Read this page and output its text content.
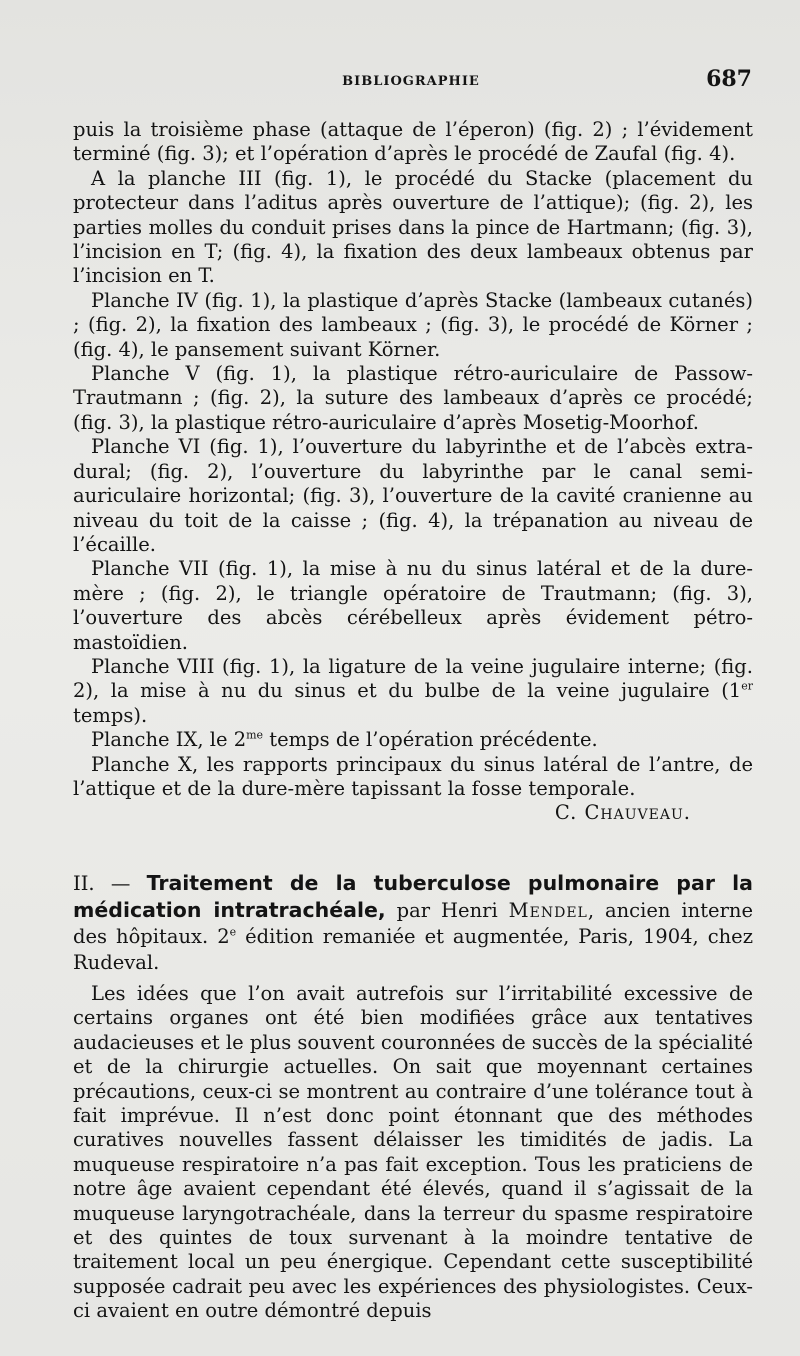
BIBLIOGRAPHIE	687

puis la troisième phase (attaque de l’éperon) (fig. 2) ; l’évidement terminé (fig. 3); et l’opération d’après le procédé de Zaufal (fig. 4).

A la planche III (fig. 1), le procédé du Stacke (placement du protecteur dans l’aditus après ouverture de l’attique); (fig. 2), les parties molles du conduit prises dans la pince de Hartmann; (fig. 3), l’incision en T; (fig. 4), la fixation des deux lambeaux obtenus par l’incision en T.

Planche IV (fig. 1), la plastique d’après Stacke (lambeaux cutanés) ; (fig. 2), la fixation des lambeaux ; (fig. 3), le procédé de Körner ; (fig. 4), le pansement suivant Körner.

Planche V (fig. 1), la plastique rétro-auriculaire de Passow-Trautmann ; (fig. 2), la suture des lambeaux d’après ce procédé; (fig. 3), la plastique rétro-auriculaire d’après Mosetig-Moorhof.

Planche VI (fig. 1), l’ouverture du labyrinthe et de l’abcès extra-dural; (fig. 2), l’ouverture du labyrinthe par le canal semi-auriculaire horizontal; (fig. 3), l’ouverture de la cavité cranienne au niveau du toit de la caisse ; (fig. 4), la trépanation au niveau de l’écaille.

Planche VII (fig. 1), la mise à nu du sinus latéral et de la dure-mère ; (fig. 2), le triangle opératoire de Trautmann; (fig. 3), l’ouverture des abcès cérébelleux après évidement pétro-mastoïdien.

Planche VIII (fig. 1), la ligature de la veine jugulaire interne; (fig. 2), la mise à nu du sinus et du bulbe de la veine jugulaire (1er temps).

Planche IX, le $2^{me}$ temps de l’opération précédente.

Planche X, les rapports principaux du sinus latéral de l’antre, de l’attique et de la dure-mère tapissant la fosse temporale.

C. Chauveau.

II. — Traitement de la tuberculose pulmonaire par la médication intratrachéale, par Henri Mendel, ancien interne des hôpitaux. 2e édition remaniée et augmentée, Paris, 1904, chez Rudeval.

Les idées que l’on avait autrefois sur l’irritabilité excessive de certains organes ont été bien modifiées grâce aux tentatives audacieuses et le plus souvent couronnées de succès de la spécialité et de la chirurgie actuelles. On sait que moyennant certaines précautions, ceux-ci se montrent au contraire d’une tolérance tout à fait imprévue. Il n’est donc point étonnant que des méthodes curatives nouvelles fassent délaisser les timidités de jadis. La muqueuse respiratoire n’a pas fait exception. Tous les praticiens de notre âge avaient cependant été élevés, quand il s’agissait de la muqueuse laryngotrachéale, dans la terreur du spasme respiratoire et des quintes de toux survenant à la moindre tentative de traitement local un peu énergique. Cependant cette susceptibilité supposée cadrait peu avec les expériences des physiologistes. Ceux-ci avaient en outre démontré depuis
